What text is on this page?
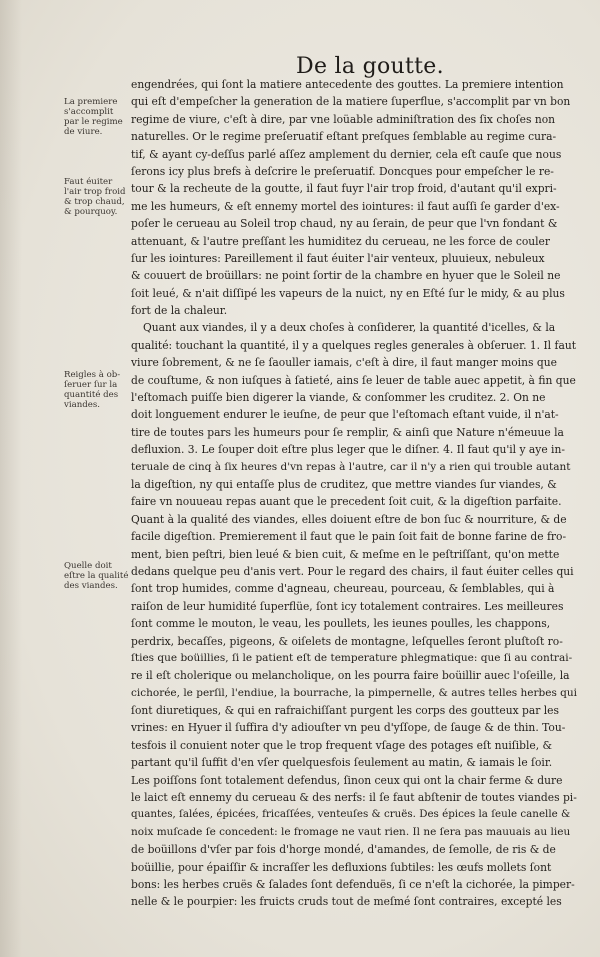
De la goutte.
La premiere
s'accomplit
par le regime
de viure.
Faut éuiter
l'air trop froid
& trop chaud,
& pourquoy.
Reigles à ob-
ſeruer ſur la
quantité des
viandes.
Quelle doit
eſtre la qualité
des viandes.
engendrées, qui ſont la matiere antecedente des gouttes. La premiere intention
qui eſt d'empeſcher la generation de la matiere ſuperflue, s'accomplit par vn bon
regime de viure, c'eſt à dire, par vne loüable adminiſtration des ſix choſes non
naturelles. Or le regime preſeruatif eſtant preſques ſemblable au regime cura-
tif, & ayant cy-deſſus parlé aſſez amplement du dernier, cela eſt cauſe que nous
ſerons icy plus brefs à deſcrire le preſeruatif. Doncques pour empeſcher le re-
tour & la recheute de la goutte, il faut fuyr l'air trop froid, d'autant qu'il expri-
me les humeurs, & eſt ennemy mortel des iointures: il faut auſſi ſe garder d'ex-
poſer le cerueau au Soleil trop chaud, ny au ſerain, de peur que l'vn fondant &
attenuant, & l'autre preſſant les humiditez du cerueau, ne les force de couler
ſur les iointures: Pareillement il faut éuiter l'air venteux, pluuieux, nebuleux
& couuert de broüillars: ne point ſortir de la chambre en hyuer que le Soleil ne
ſoit leué, & n'ait diſſipé les vapeurs de la nuict, ny en Eſté ſur le midy, & au plus
fort de la chaleur.
Quant aux viandes, il y a deux choſes à conſiderer, la quantité d'icelles, & la
qualité: touchant la quantité, il y a quelques regles generales à obſeruer. 1. Il faut
viure ſobrement, & ne ſe ſaouller iamais, c'eſt à dire, il faut manger moins que
de couſtume, & non iuſques à ſatieté, ains ſe leuer de table auec appetit, à fin que
l'eſtomach puiſſe bien digerer la viande, & conſommer les cruditez. 2. On ne
doit longuement endurer le ieuſne, de peur que l'eſtomach eſtant vuide, il n'at-
tire de toutes pars les humeurs pour ſe remplir, & ainſi que Nature n'émeuue la
defluxion. 3. Le ſouper doit eſtre plus leger que le diſner. 4. Il faut qu'il y aye in-
teruale de cinq à ſix heures d'vn repas à l'autre, car il n'y a rien qui trouble autant
la digeſtion, ny qui entaſſe plus de cruditez, que mettre viandes ſur viandes, &
faire vn nouueau repas auant que le precedent ſoit cuit, & la digeſtion parfaite.
Quant à la qualité des viandes, elles doiuent eſtre de bon ſuc & nourriture, & de
facile digeſtion. Premierement il faut que le pain ſoit fait de bonne farine de fro-
ment, bien peſtri, bien leué & bien cuit, & meſme en le peſtriſſant, qu'on mette
dedans quelque peu d'anis vert. Pour le regard des chairs, il faut éuiter celles qui
ſont trop humides, comme d'agneau, cheureau, pourceau, & ſemblables, qui à
raiſon de leur humidité ſuperflüe, ſont icy totalement contraires. Les meilleures
ſont comme le mouton, le veau, les poullets, les ieunes poulles, les chappons,
perdrix, becaſſes, pigeons, & oiſelets de montagne, leſquelles ſeront pluſtoſt ro-
ſties que boüillies, ſi le patient eſt de temperature phlegmatique: que ſi au contrai-
re il eſt cholerique ou melancholique, on les pourra faire boüillir auec l'oſeille, la
cichorée, le perſil, l'endiue, la bourrache, la pimpernelle, & autres telles herbes qui
ſont diuretiques, & qui en rafraichiſſant purgent les corps des goutteux par les
vrines: en Hyuer il ſuffira d'y adiouſter vn peu d'yſſope, de ſauge & de thin. Tou-
tesfois il conuient noter que le trop frequent vſage des potages eſt nuiſible, &
partant qu'il ſuffit d'en vſer quelquesfois ſeulement au matin, & iamais le ſoir.
Les poiſſons ſont totalement defendus, ſinon ceux qui ont la chair ferme & dure
le laict eſt ennemy du cerueau & des nerfs: il ſe faut abſtenir de toutes viandes pi-
quantes, ſalées, épicées, fricaſſées, venteuſes & cruës. Des épices la ſeule canelle &
noix muſcade ſe concedent: le fromage ne vaut rien. Il ne ſera pas mauuais au lieu
de boüillons d'vſer par fois d'horge mondé, d'amandes, de ſemolle, de ris & de
boüillie, pour épaiſſir & incraſſer les defluxions ſubtiles: les œufs mollets ſont
bons: les herbes cruës & ſalades ſont defenduës, ſi ce n'eſt la cichorée, la pimper-
nelle & le pourpier: les fruicts cruds tout de meſmé ſont contraires, excepté les
